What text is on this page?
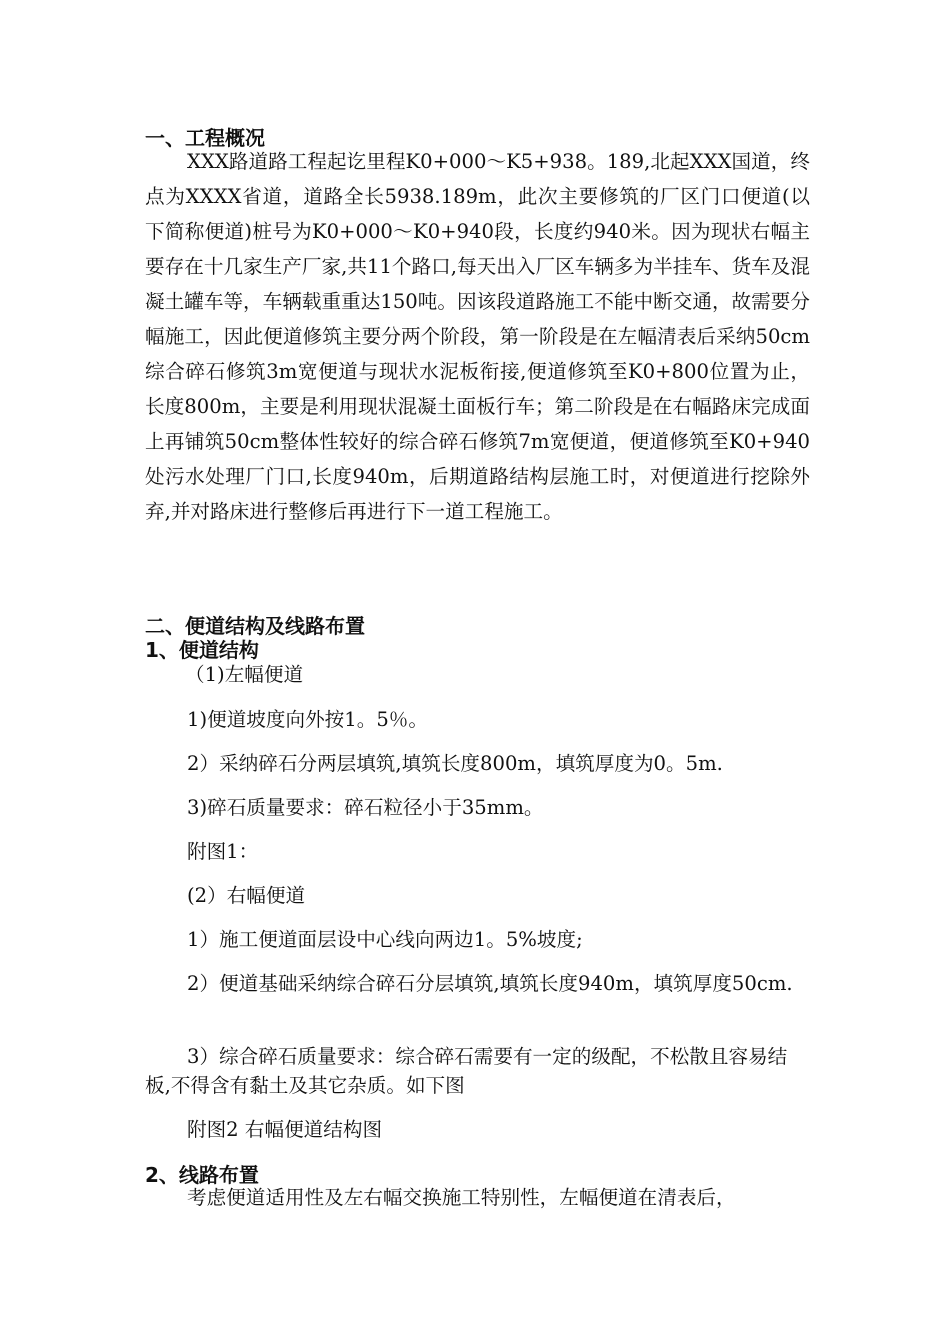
一、工程概况
XXX路道路工程起讫里程K0+000～K5+938。189,北起XXX国道，终点为XXXX省道，道路全长5938.189m，此次主要修筑的厂区门口便道(以下简称便道)桩号为K0+000～K0+940段，长度约940米。因为现状右幅主要存在十几家生产厂家,共11个路口,每天出入厂区车辆多为半挂车、货车及混凝土罐车等，车辆载重重达150吨。因该段道路施工不能中断交通，故需要分幅施工，因此便道修筑主要分两个阶段，第一阶段是在左幅清表后采纳50cm综合碎石修筑3m宽便道与现状水泥板衔接,便道修筑至K0+800位置为止，长度800m，主要是利用现状混凝土面板行车；第二阶段是在右幅路床完成面上再铺筑50cm整体性较好的综合碎石修筑7m宽便道，便道修筑至K0+940处污水处理厂门口,长度940m，后期道路结构层施工时，对便道进行挖除外弃,并对路床进行整修后再进行下一道工程施工。
二、便道结构及线路布置
1、便道结构
（1)左幅便道
1)便道坡度向外按1。5％。
2）采纳碎石分两层填筑,填筑长度800m，填筑厚度为0。5m.
3)碎石质量要求：碎石粒径小于35mm。
附图1：
(2）右幅便道
1）施工便道面层设中心线向两边1。5%坡度;
2）便道基础采纳综合碎石分层填筑,填筑长度940m，填筑厚度50cm.
3）综合碎石质量要求：综合碎石需要有一定的级配，不松散且容易结板,不得含有黏土及其它杂质。如下图
附图2 右幅便道结构图
2、线路布置
考虑便道适用性及左右幅交换施工特别性，左幅便道在清表后，
